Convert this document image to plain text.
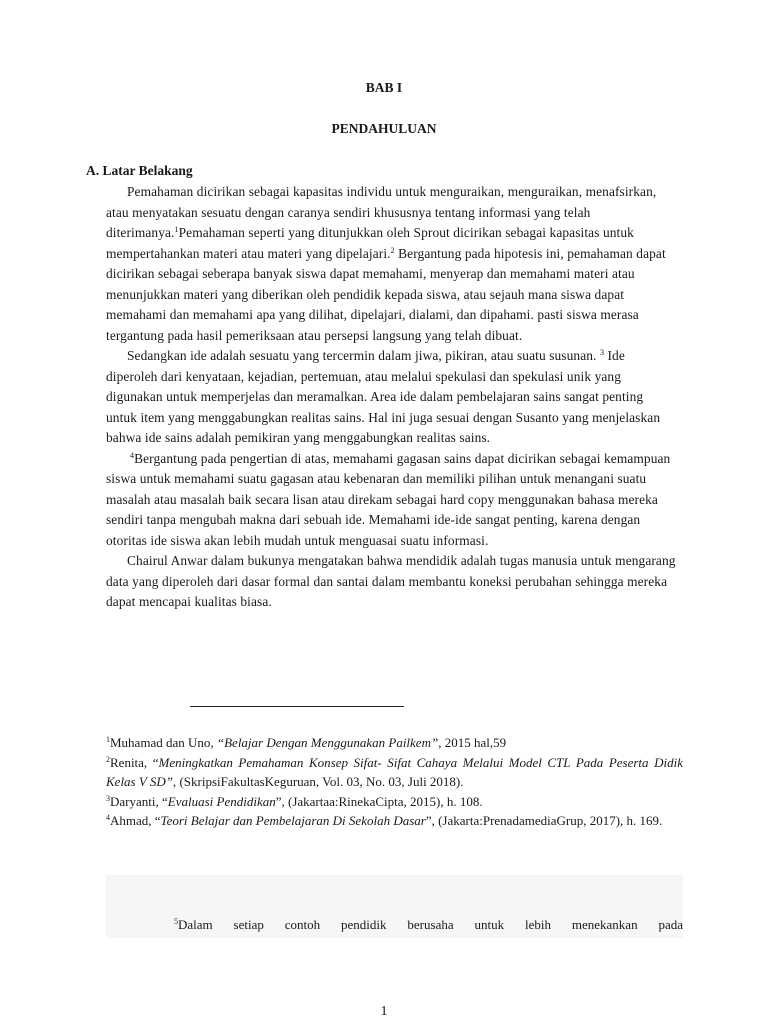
BAB I
PENDAHULUAN
A. Latar Belakang

Pemahaman dicirikan sebagai kapasitas individu untuk menguraikan, menguraikan, menafsirkan, atau menyatakan sesuatu dengan caranya sendiri khususnya tentang informasi yang telah diterimanya.$^1$Pemahaman seperti yang ditunjukkan oleh Sprout dicirikan sebagai kapasitas untuk mempertahankan materi atau materi yang dipelajari.$^2$ Bergantung pada hipotesis ini, pemahaman dapat dicirikan sebagai seberapa banyak siswa dapat memahami, menyerap dan memahami materi atau menunjukkan materi yang diberikan oleh pendidik kepada siswa, atau sejauh mana siswa dapat memahami dan memahami apa yang dilihat, dipelajari, dialami, dan dipahami. pasti siswa merasa tergantung pada hasil pemeriksaan atau persepsi langsung yang telah dibuat.

Sedangkan ide adalah sesuatu yang tercermin dalam jiwa, pikiran, atau suatu susunan. $^3$ Ide diperoleh dari kenyataan, kejadian, pertemuan, atau melalui spekulasi dan spekulasi unik yang digunakan untuk memperjelas dan meramalkan. Area ide dalam pembelajaran sains sangat penting untuk item yang menggabungkan realitas sains. Hal ini juga sesuai dengan Susanto yang menjelaskan bahwa ide sains adalah pemikiran yang menggabungkan realitas sains.

$^4$Bergantung pada pengertian di atas, memahami gagasan sains dapat dicirikan sebagai kemampuan siswa untuk memahami suatu gagasan atau kebenaran dan memiliki pilihan untuk menangani suatu masalah atau masalah baik secara lisan atau direkam sebagai hard copy menggunakan bahasa mereka sendiri tanpa mengubah makna dari sebuah ide. Memahami ide-ide sangat penting, karena dengan otoritas ide siswa akan lebih mudah untuk menguasai suatu informasi.

Chairul Anwar dalam bukunya mengatakan bahwa mendidik adalah tugas manusia untuk mengarang data yang diperoleh dari dasar formal dan santai dalam membantu koneksi perubahan sehingga mereka dapat mencapai kualitas biasa.

$^1$Muhamad dan Uno, “Belajar Dengan Menggunakan Pailkem”, 2015 hal,59

$^2$Renita, “Meningkatkan Pemahaman Konsep Sifat- Sifat Cahaya Melalui Model CTL Pada Peserta Didik Kelas V SD”, (SkripsiFakultasKeguruan, Vol. 03, No. 03, Juli 2018).

$^3$Daryanti, “Evaluasi Pendidikan”, (Jakartaa:RinekaCipta, 2015), h. 108.

$^4$Ahmad, “Teori Belajar dan Pembelajaran Di Sekolah Dasar”, (Jakarta:PrenadamediaGrup, 2017), h. 169.

$^5$Dalam setiap contoh pendidik berusaha untuk lebih menekankan pada
1
